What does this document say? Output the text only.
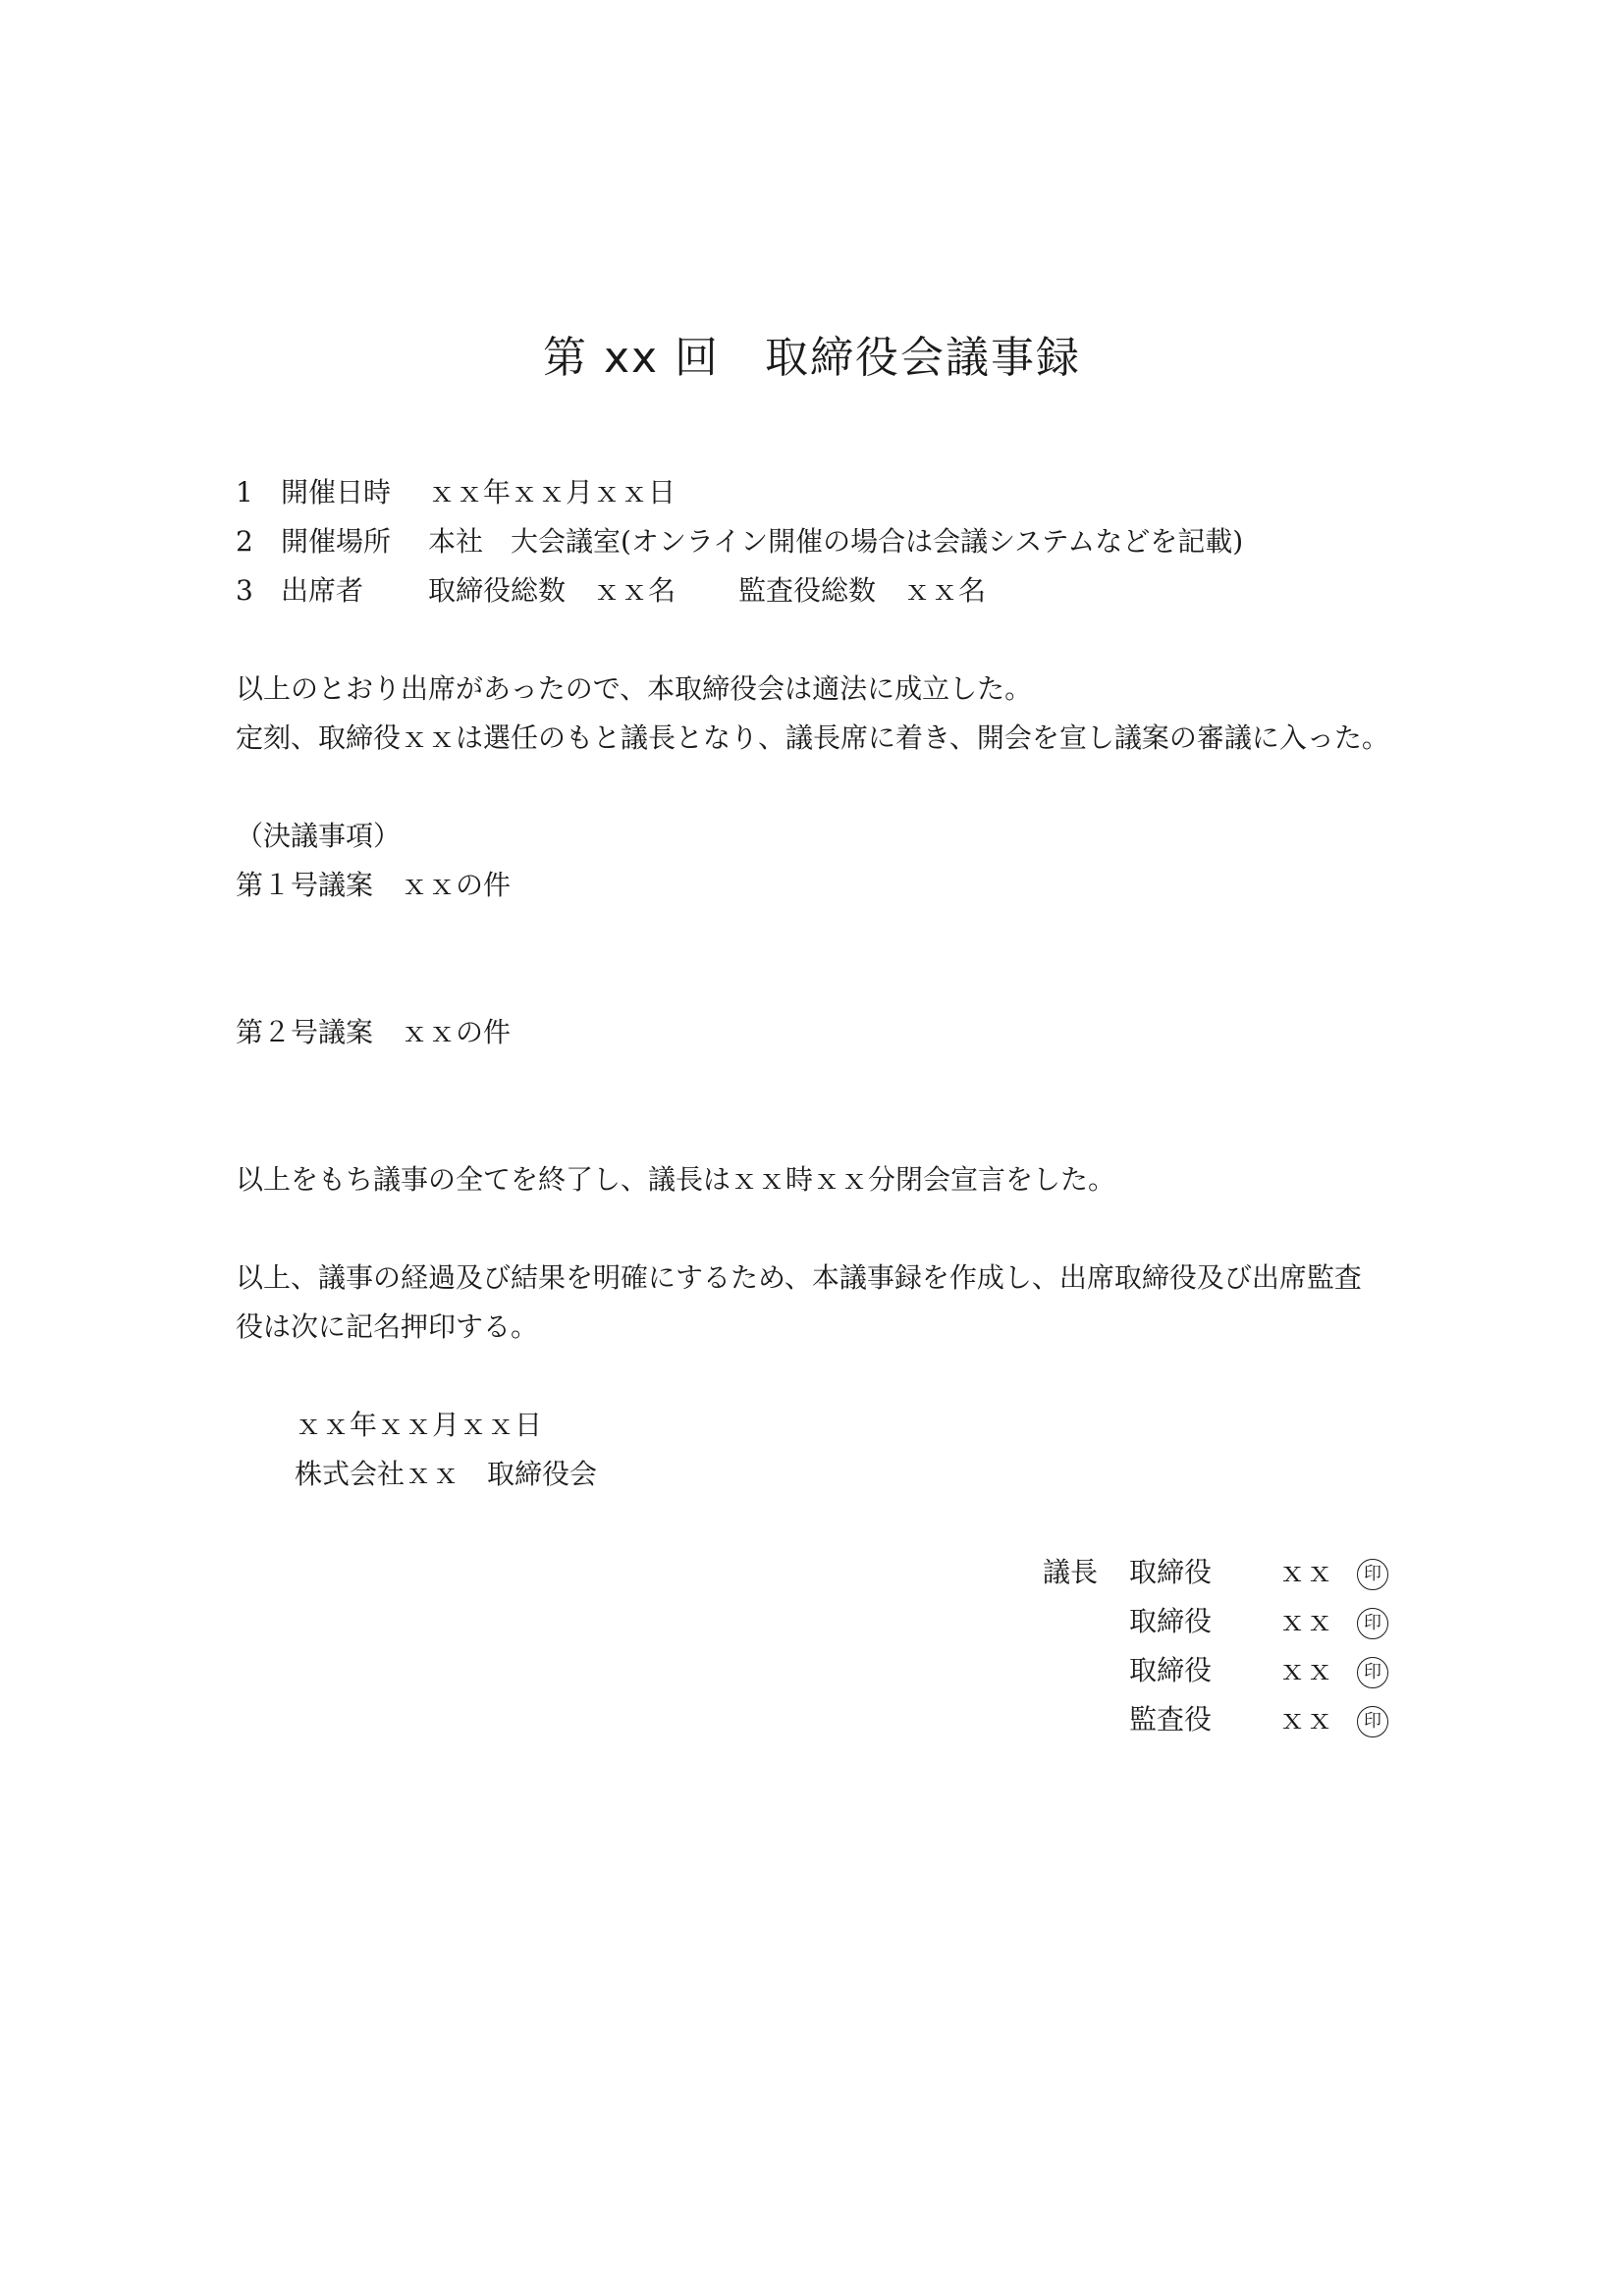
第 xx 回　取締役会議事録
1 開催日時 ｘｘ年ｘｘ月ｘｘ日
2 開催場所 本社　大会議室(オンライン開催の場合は会議システムなどを記載)
3 出席者 取締役総数　ｘｘ名 監査役総数　ｘｘ名
以上のとおり出席があったので、本取締役会は適法に成立した。
定刻、取締役ｘｘは選任のもと議長となり、議長席に着き、開会を宣し議案の審議に入った。
（決議事項）
第１号議案　ｘｘの件
第２号議案　ｘｘの件
以上をもち議事の全てを終了し、議長はｘｘ時ｘｘ分閉会宣言をした。
以上、議事の経過及び結果を明確にするため、本議事録を作成し、出席取締役及び出席監査
役は次に記名押印する。
ｘｘ年ｘｘ月ｘｘ日
株式会社ｘｘ　取締役会
議長 取締役 ｘｘ	印
取締役 ｘｘ	印
取締役 ｘｘ	印
監査役 ｘｘ	印
